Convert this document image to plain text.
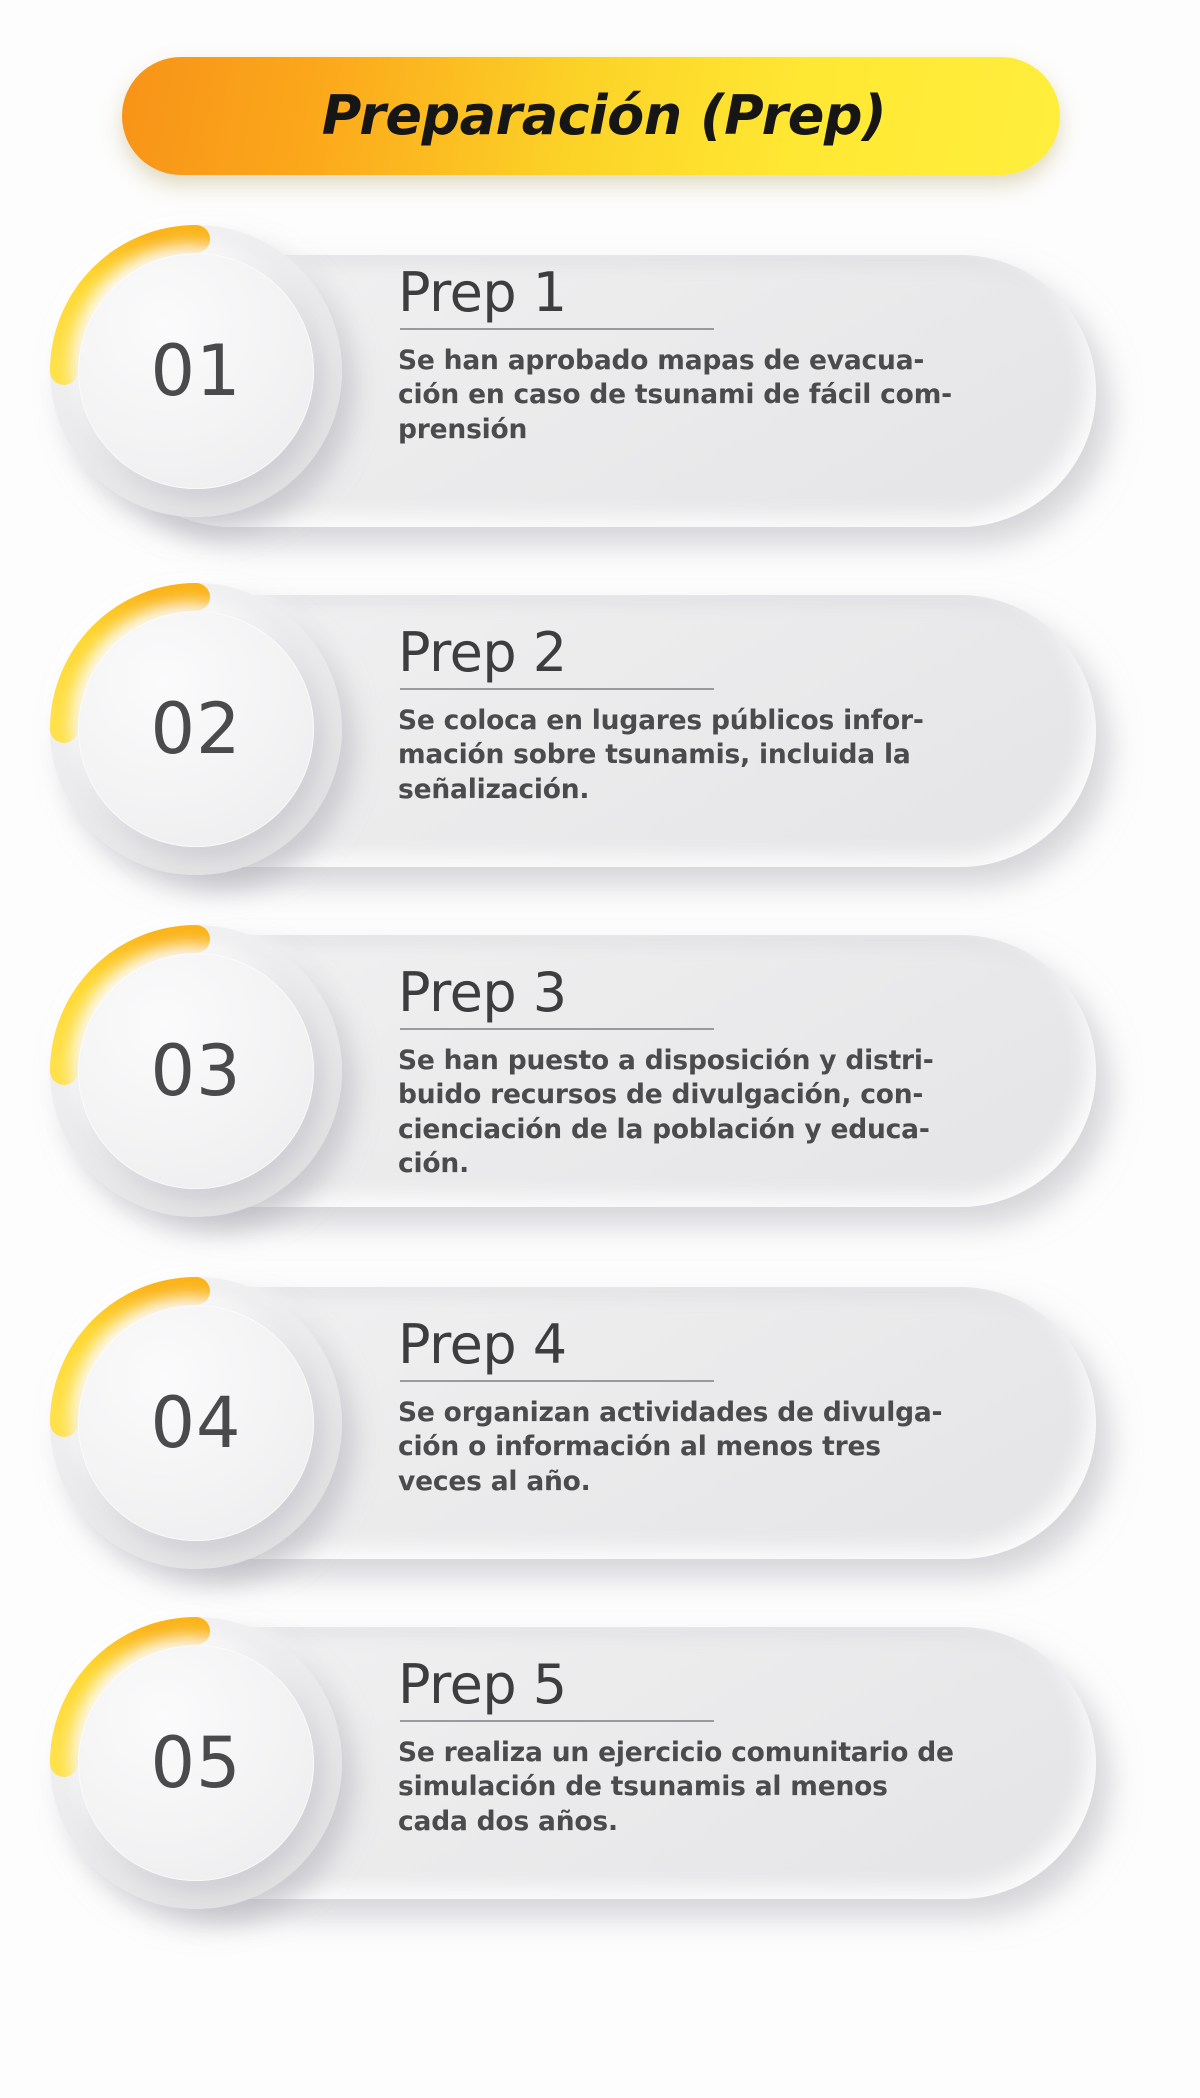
Preparación (Prep)
Prep 1
Se han aprobado mapas de evacua-
ción en caso de tsunami de fácil com-
prensión
01
Prep 2
Se coloca en lugares públicos infor-
mación sobre tsunamis, incluida la
señalización.
02
Prep 3
Se han puesto a disposición y distri-
buido recursos de divulgación, con-
cienciación de la población y educa-
ción.
03
Prep 4
Se organizan actividades de divulga-
ción o información al menos tres
veces al año.
04
Prep 5
Se realiza un ejercicio comunitario de
simulación de tsunamis al menos
cada dos años.
05
